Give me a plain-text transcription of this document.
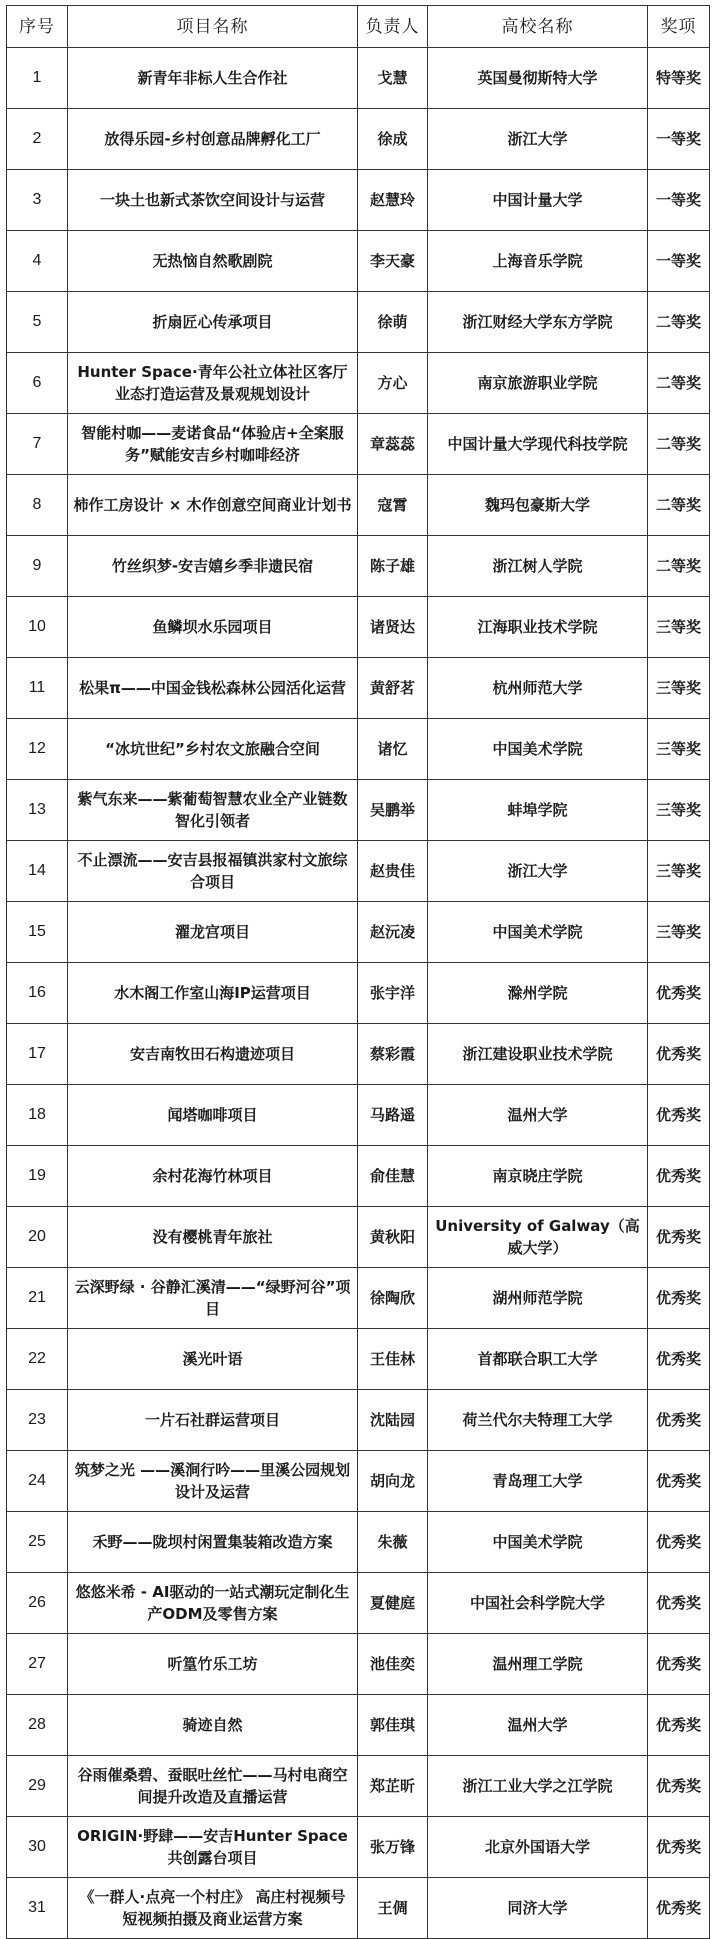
序号	项目名称	负责人	高校名称	奖项
1	新青年非标人生合作社	戈慧	英国曼彻斯特大学	特等奖
2	放得乐园-乡村创意品牌孵化工厂	徐成	浙江大学	一等奖
3	一块土也新式茶饮空间设计与运营	赵慧玲	中国计量大学	一等奖
4	无热恼自然歌剧院	李天豪	上海音乐学院	一等奖
5	折扇匠心传承项目	徐萌	浙江财经大学东方学院	二等奖
6	Hunter Space·青年公社立体社区客厅业态打造运营及景观规划设计	方心	南京旅游职业学院	二等奖
7	智能村咖——麦诺食品“体验店+全案服务”赋能安吉乡村咖啡经济	章蕊蕊	中国计量大学现代科技学院	二等奖
8	柿作工房设计 × 木作创意空间商业计划书	寇霄	魏玛包豪斯大学	二等奖
9	竹丝织梦-安吉嬉乡季非遗民宿	陈子雄	浙江树人学院	二等奖
10	鱼鳞坝水乐园项目	诸贤达	江海职业技术学院	三等奖
11	松果π——中国金钱松森林公园活化运营	黄舒茗	杭州师范大学	三等奖
12	“冰坑世纪”乡村农文旅融合空间	诸忆	中国美术学院	三等奖
13	紫气东来——紫葡萄智慧农业全产业链数智化引领者	吴鹏举	蚌埠学院	三等奖
14	不止漂流——安吉县报福镇洪家村文旅综合项目	赵贵佳	浙江大学	三等奖
15	濯龙宫项目	赵沅凌	中国美术学院	三等奖
16	水木阁工作室山海IP运营项目	张宇洋	滁州学院	优秀奖
17	安吉南牧田石构遗迹项目	蔡彩霞	浙江建设职业技术学院	优秀奖
18	闻塔咖啡项目	马路遥	温州大学	优秀奖
19	余村花海竹林项目	俞佳慧	南京晓庄学院	优秀奖
20	没有樱桃青年旅社	黄秋阳	University of Galway（高威大学）	优秀奖
21	云深野绿 · 谷静汇溪清——“绿野河谷”项目	徐陶欣	湖州师范学院	优秀奖
22	溪光叶语	王佳林	首都联合职工大学	优秀奖
23	一片石社群运营项目	沈陆园	荷兰代尔夫特理工大学	优秀奖
24	筑梦之光 ——溪涧行吟——里溪公园规划设计及运营	胡向龙	青岛理工大学	优秀奖
25	禾野——陇坝村闲置集装箱改造方案	朱薇	中国美术学院	优秀奖
26	悠悠米希 - AI驱动的一站式潮玩定制化生产ODM及零售方案	夏健庭	中国社会科学院大学	优秀奖
27	听篁竹乐工坊	池佳奕	温州理工学院	优秀奖
28	骑迹自然	郭佳琪	温州大学	优秀奖
29	谷雨催桑碧、蚕眠吐丝忙——马村电商空间提升改造及直播运营	郑芷昕	浙江工业大学之江学院	优秀奖
30	ORIGIN·野肆——安吉Hunter Space共创露台项目	张万锋	北京外国语大学	优秀奖
31	《一群人·点亮一个村庄》 高庄村视频号 短视频拍摄及商业运营方案	王倜	同济大学	优秀奖
